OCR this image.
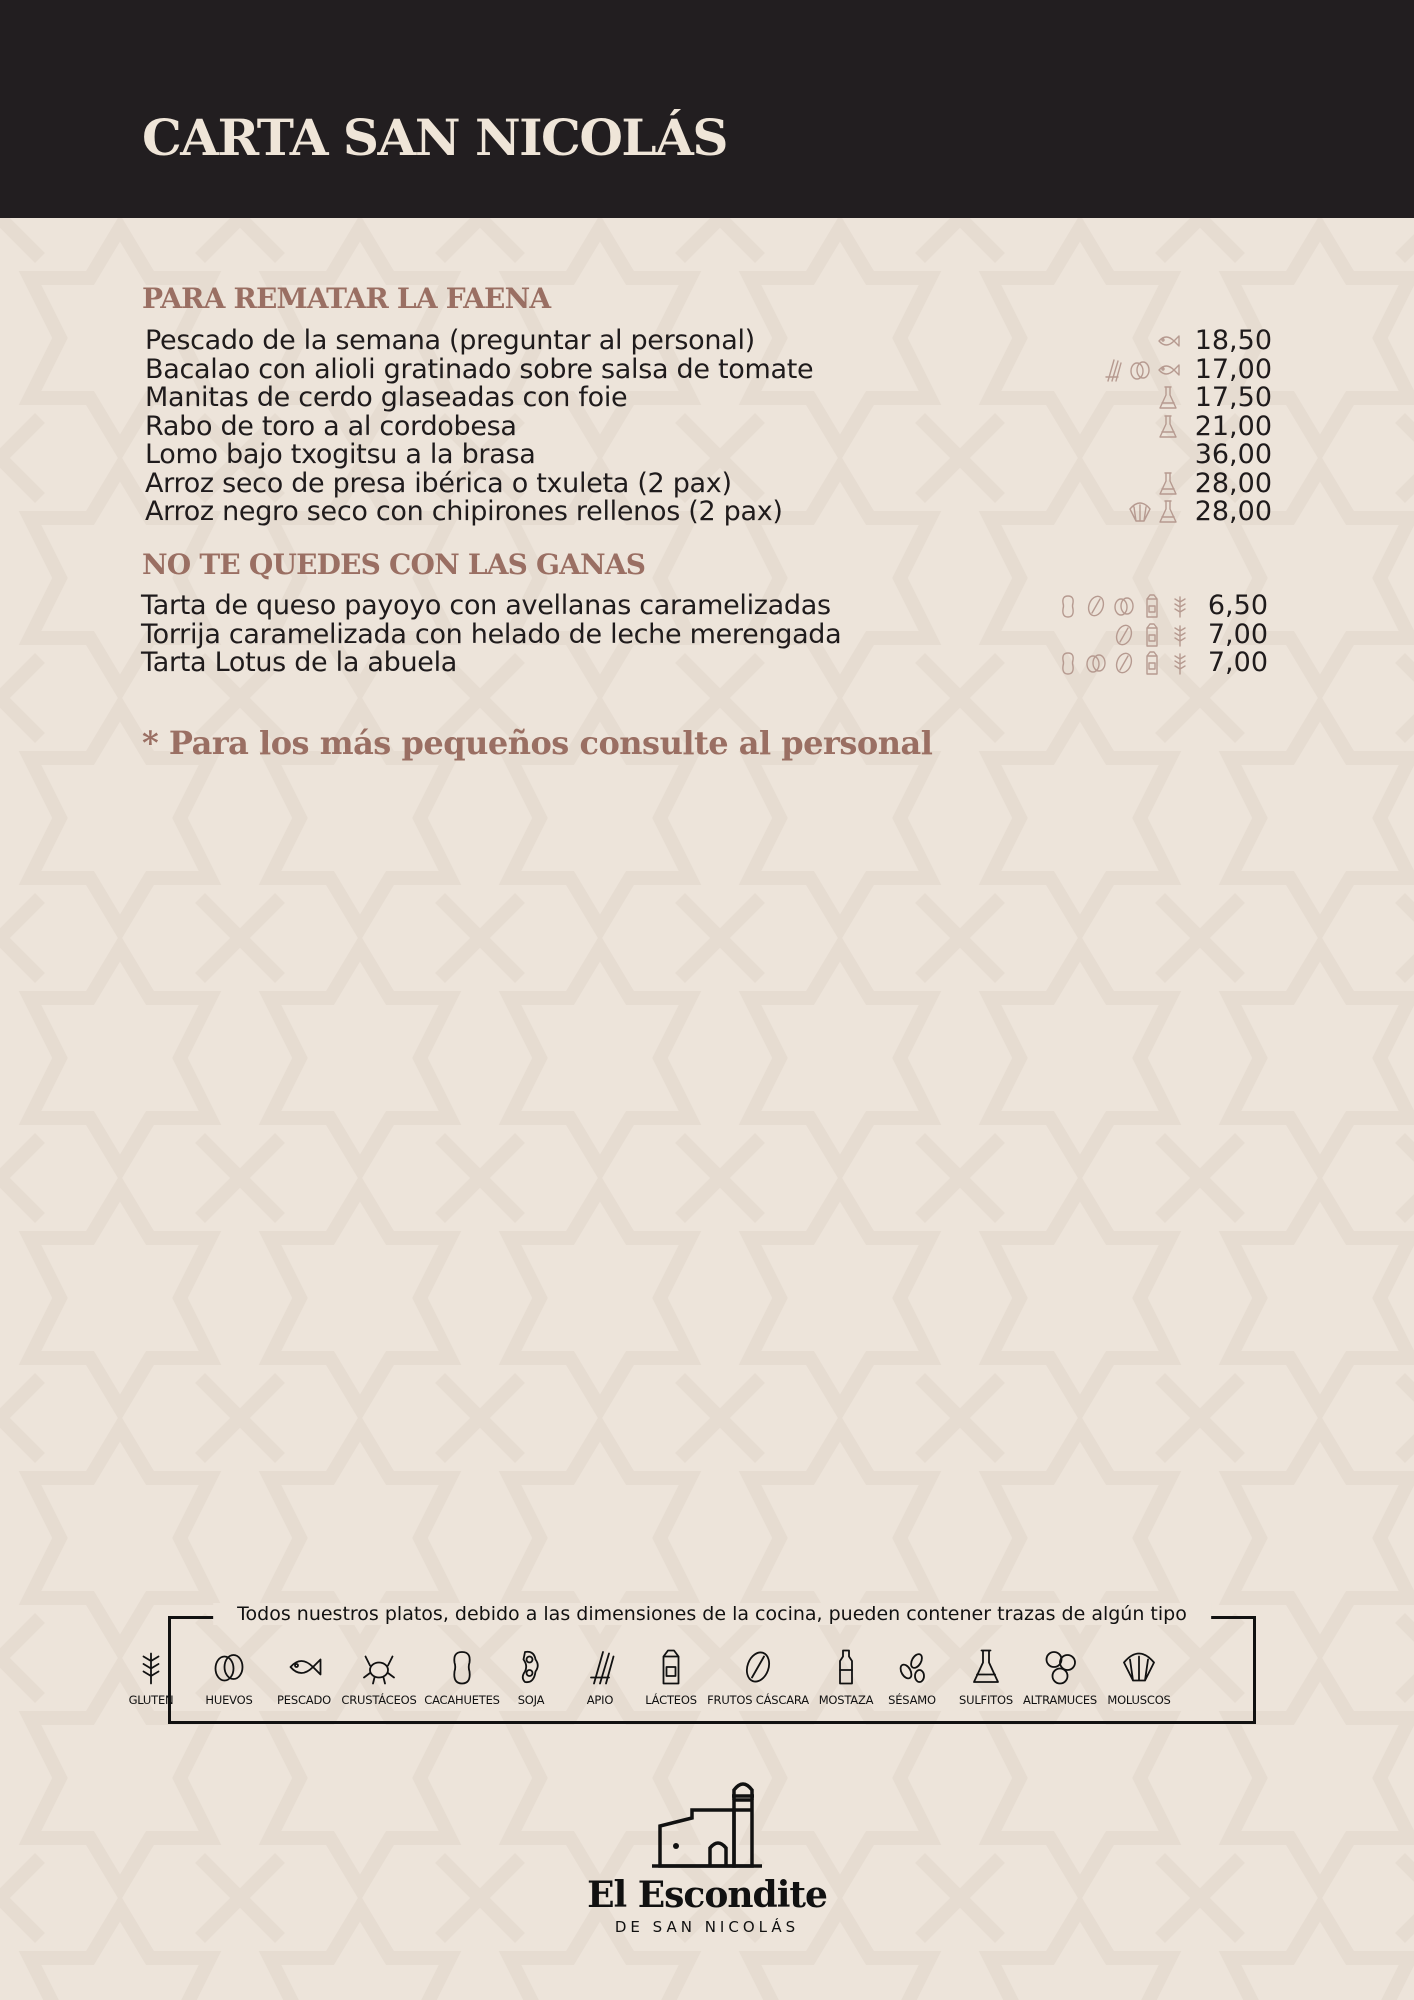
CARTA SAN NICOLÁS
PARA REMATAR LA FAENA
Pescado de la semana (preguntar al personal)	18,50
Bacalao con alioli gratinado sobre salsa de tomate	17,00
Manitas de cerdo glaseadas con foie	17,50
Rabo de toro a al cordobesa	21,00
Lomo bajo txogitsu a la brasa	36,00
Arroz seco de presa ibérica o txuleta (2 pax)	28,00
Arroz negro seco con chipirones rellenos (2 pax)	28,00
NO TE QUEDES CON LAS GANAS
Tarta de queso payoyo con avellanas caramelizadas	6,50
Torrija caramelizada con helado de leche merengada	7,00
Tarta Lotus de la abuela	7,00

* Para los más pequeños consulte al personal

Todos nuestros platos, debido a las dimensiones de la cocina, pueden contener trazas de algún tipo
GLUTEN	HUEVOS	PESCADO CRUSTÁCEOS CACAHUETES	SOJA	APIO	LÁCTEOS FRUTOS CÁSCARA MOSTAZA	SÉSAMO	SULFITOS ALTRAMUCES MOLUSCOS
El Escondite
DE SAN NICOLÁS
